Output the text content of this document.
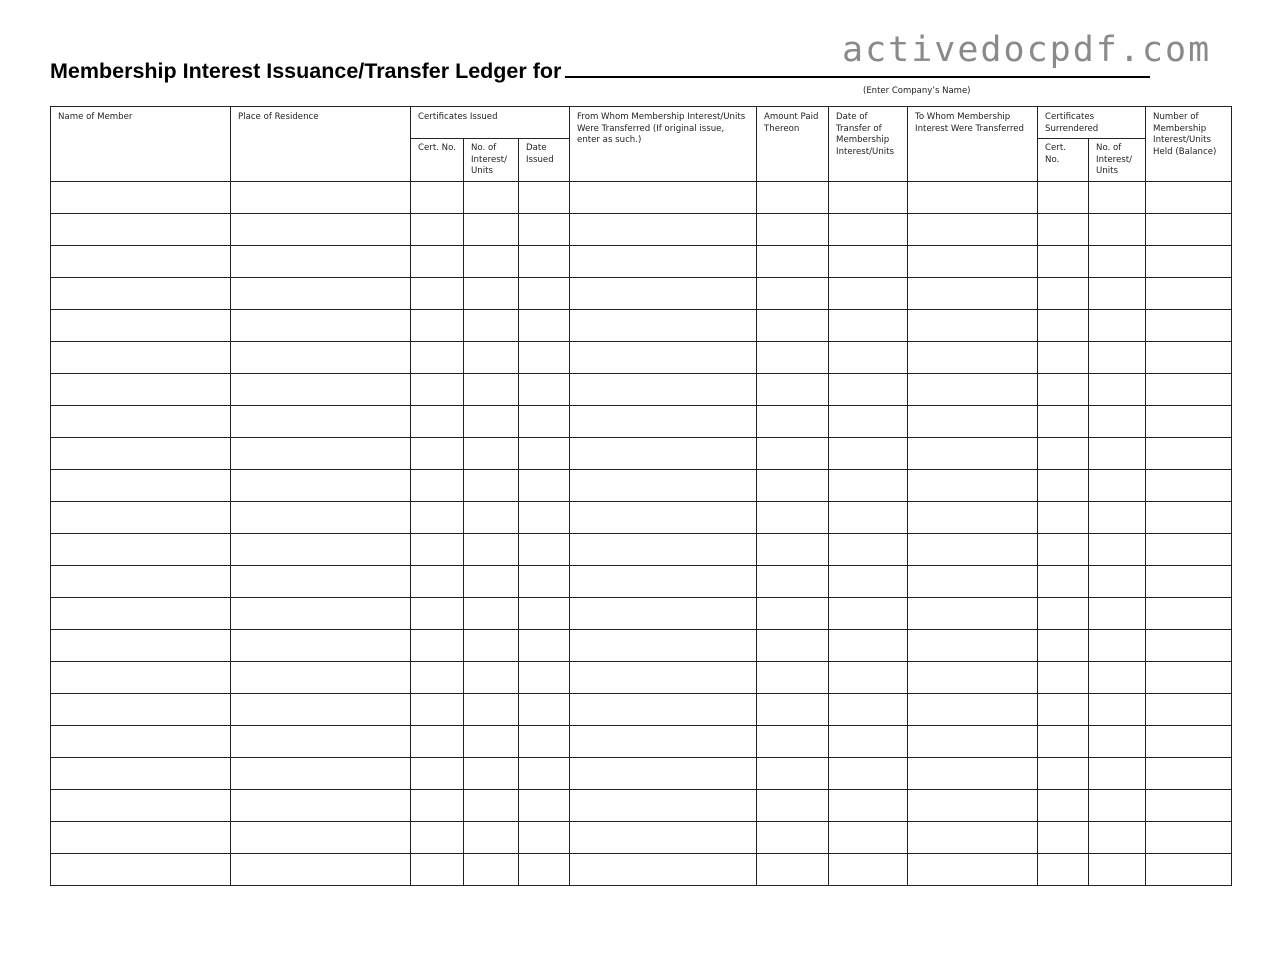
activedocpdf.com
Membership Interest Issuance/Transfer Ledger for
(Enter Company’s Name)
Name of Member	Place of Residence	Certificates Issued			From Whom Membership Interest/Units Were Transferred (If original issue, enter as such.)	Amount Paid Thereon	Date of Transfer of Membership Interest/Units	To Whom Membership Interest Were Transferred	Certificates Surrendered		Number of Membership Interest/Units Held (Balance)
		Cert. No.	No. of Interest/ Units	Date Issued					Cert. No.	No. of Interest/ Units	
